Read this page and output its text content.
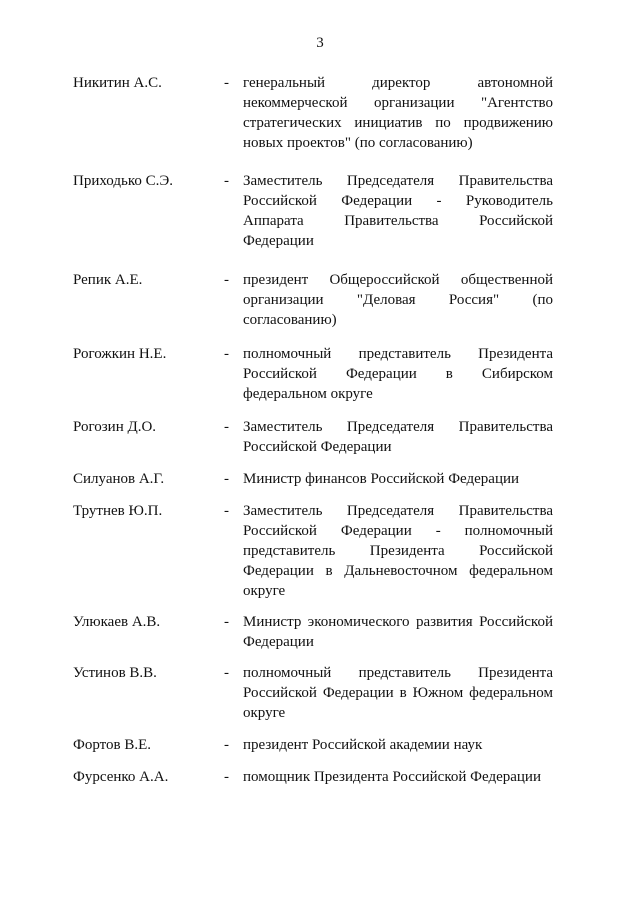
3
Никитин А.С.	- генеральный директор автономной некоммерческой организации "Агентство стратегических инициатив по продвижению новых проектов" (по согласованию)
Приходько С.Э.	- Заместитель Председателя Правительства Российской Федерации - Руководитель Аппарата Правительства Российской Федерации
Репик А.Е.	- президент Общероссийской общественной организации "Деловая Россия" (по согласованию)
Рогожкин Н.Е.	- полномочный представитель Президента Российской Федерации в Сибирском федеральном округе
Рогозин Д.О.	- Заместитель Председателя Правительства Российской Федерации
Силуанов А.Г.	- Министр финансов Российской Федерации
Трутнев Ю.П.	- Заместитель Председателя Правительства Российской Федерации - полномочный представитель Президента Российской Федерации в Дальневосточном федеральном округе
Улюкаев А.В.	- Министр экономического развития Российской Федерации
Устинов В.В.	- полномочный представитель Президента Российской Федерации в Южном федеральном округе
Фортов В.Е.	- президент Российской академии наук
Фурсенко А.А.	- помощник Президента Российской Федерации
